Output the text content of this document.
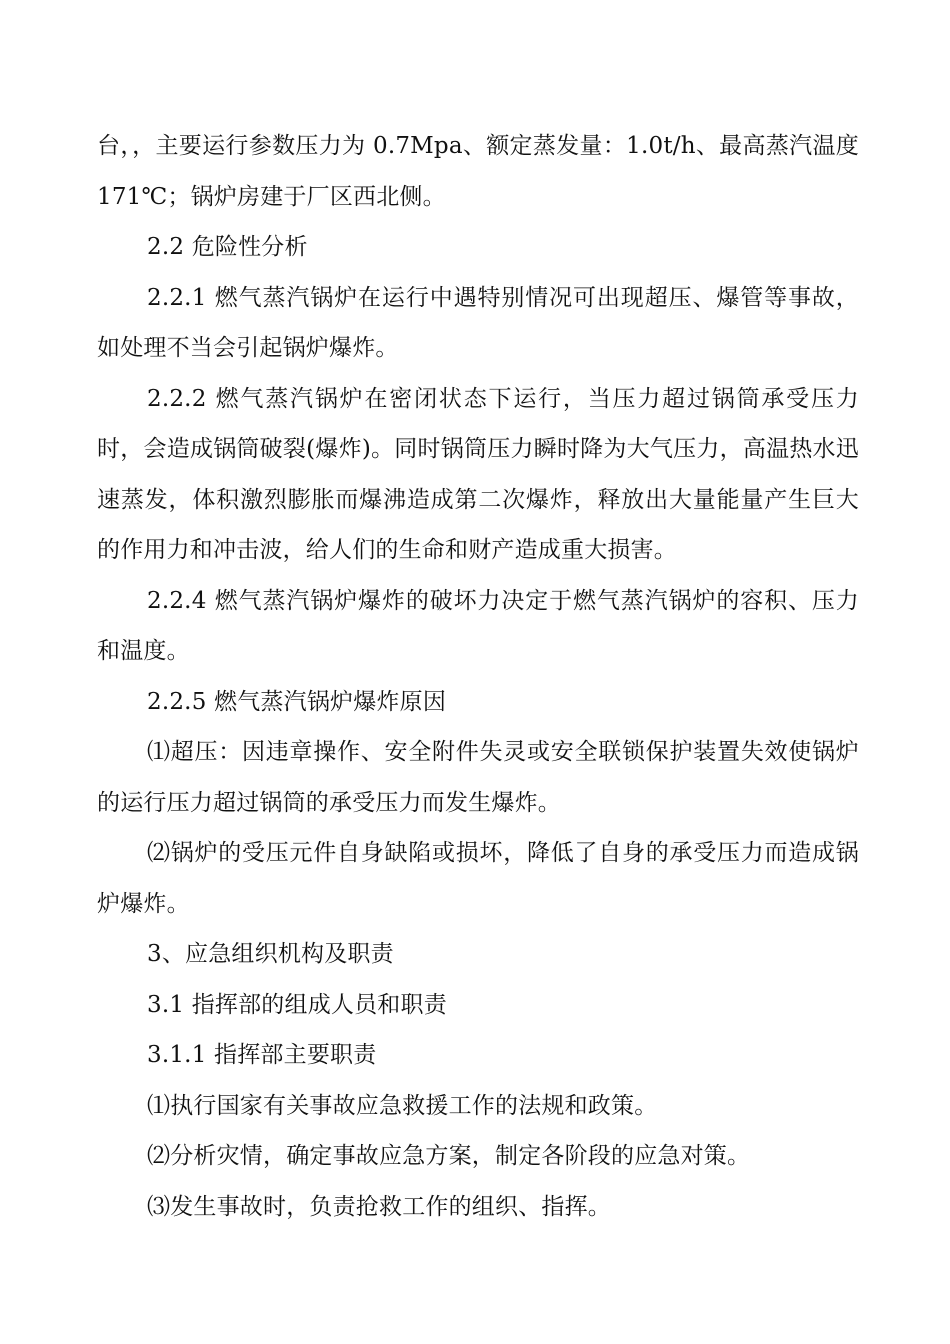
台，，主要运行参数压力为 0.7Mpa、额定蒸发量：1.0t/h、最高蒸汽温度 171℃；锅炉房建于厂区西北侧。

2.2 危险性分析

2.2.1 燃气蒸汽锅炉在运行中遇特别情况可出现超压、爆管等事故，如处理不当会引起锅炉爆炸。

2.2.2 燃气蒸汽锅炉在密闭状态下运行，当压力超过锅筒承受压力时，会造成锅筒破裂(爆炸)。同时锅筒压力瞬时降为大气压力，高温热水迅速蒸发，体积激烈膨胀而爆沸造成第二次爆炸，释放出大量能量产生巨大的作用力和冲击波，给人们的生命和财产造成重大损害。

2.2.4 燃气蒸汽锅炉爆炸的破坏力决定于燃气蒸汽锅炉的容积、压力和温度。

2.2.5 燃气蒸汽锅炉爆炸原因

⑴超压：因违章操作、安全附件失灵或安全联锁保护装置失效使锅炉的运行压力超过锅筒的承受压力而发生爆炸。

⑵锅炉的受压元件自身缺陷或损坏，降低了自身的承受压力而造成锅炉爆炸。

3、应急组织机构及职责

3.1 指挥部的组成人员和职责

3.1.1 指挥部主要职责

⑴执行国家有关事故应急救援工作的法规和政策。

⑵分析灾情，确定事故应急方案，制定各阶段的应急对策。

⑶发生事故时，负责抢救工作的组织、指挥。
